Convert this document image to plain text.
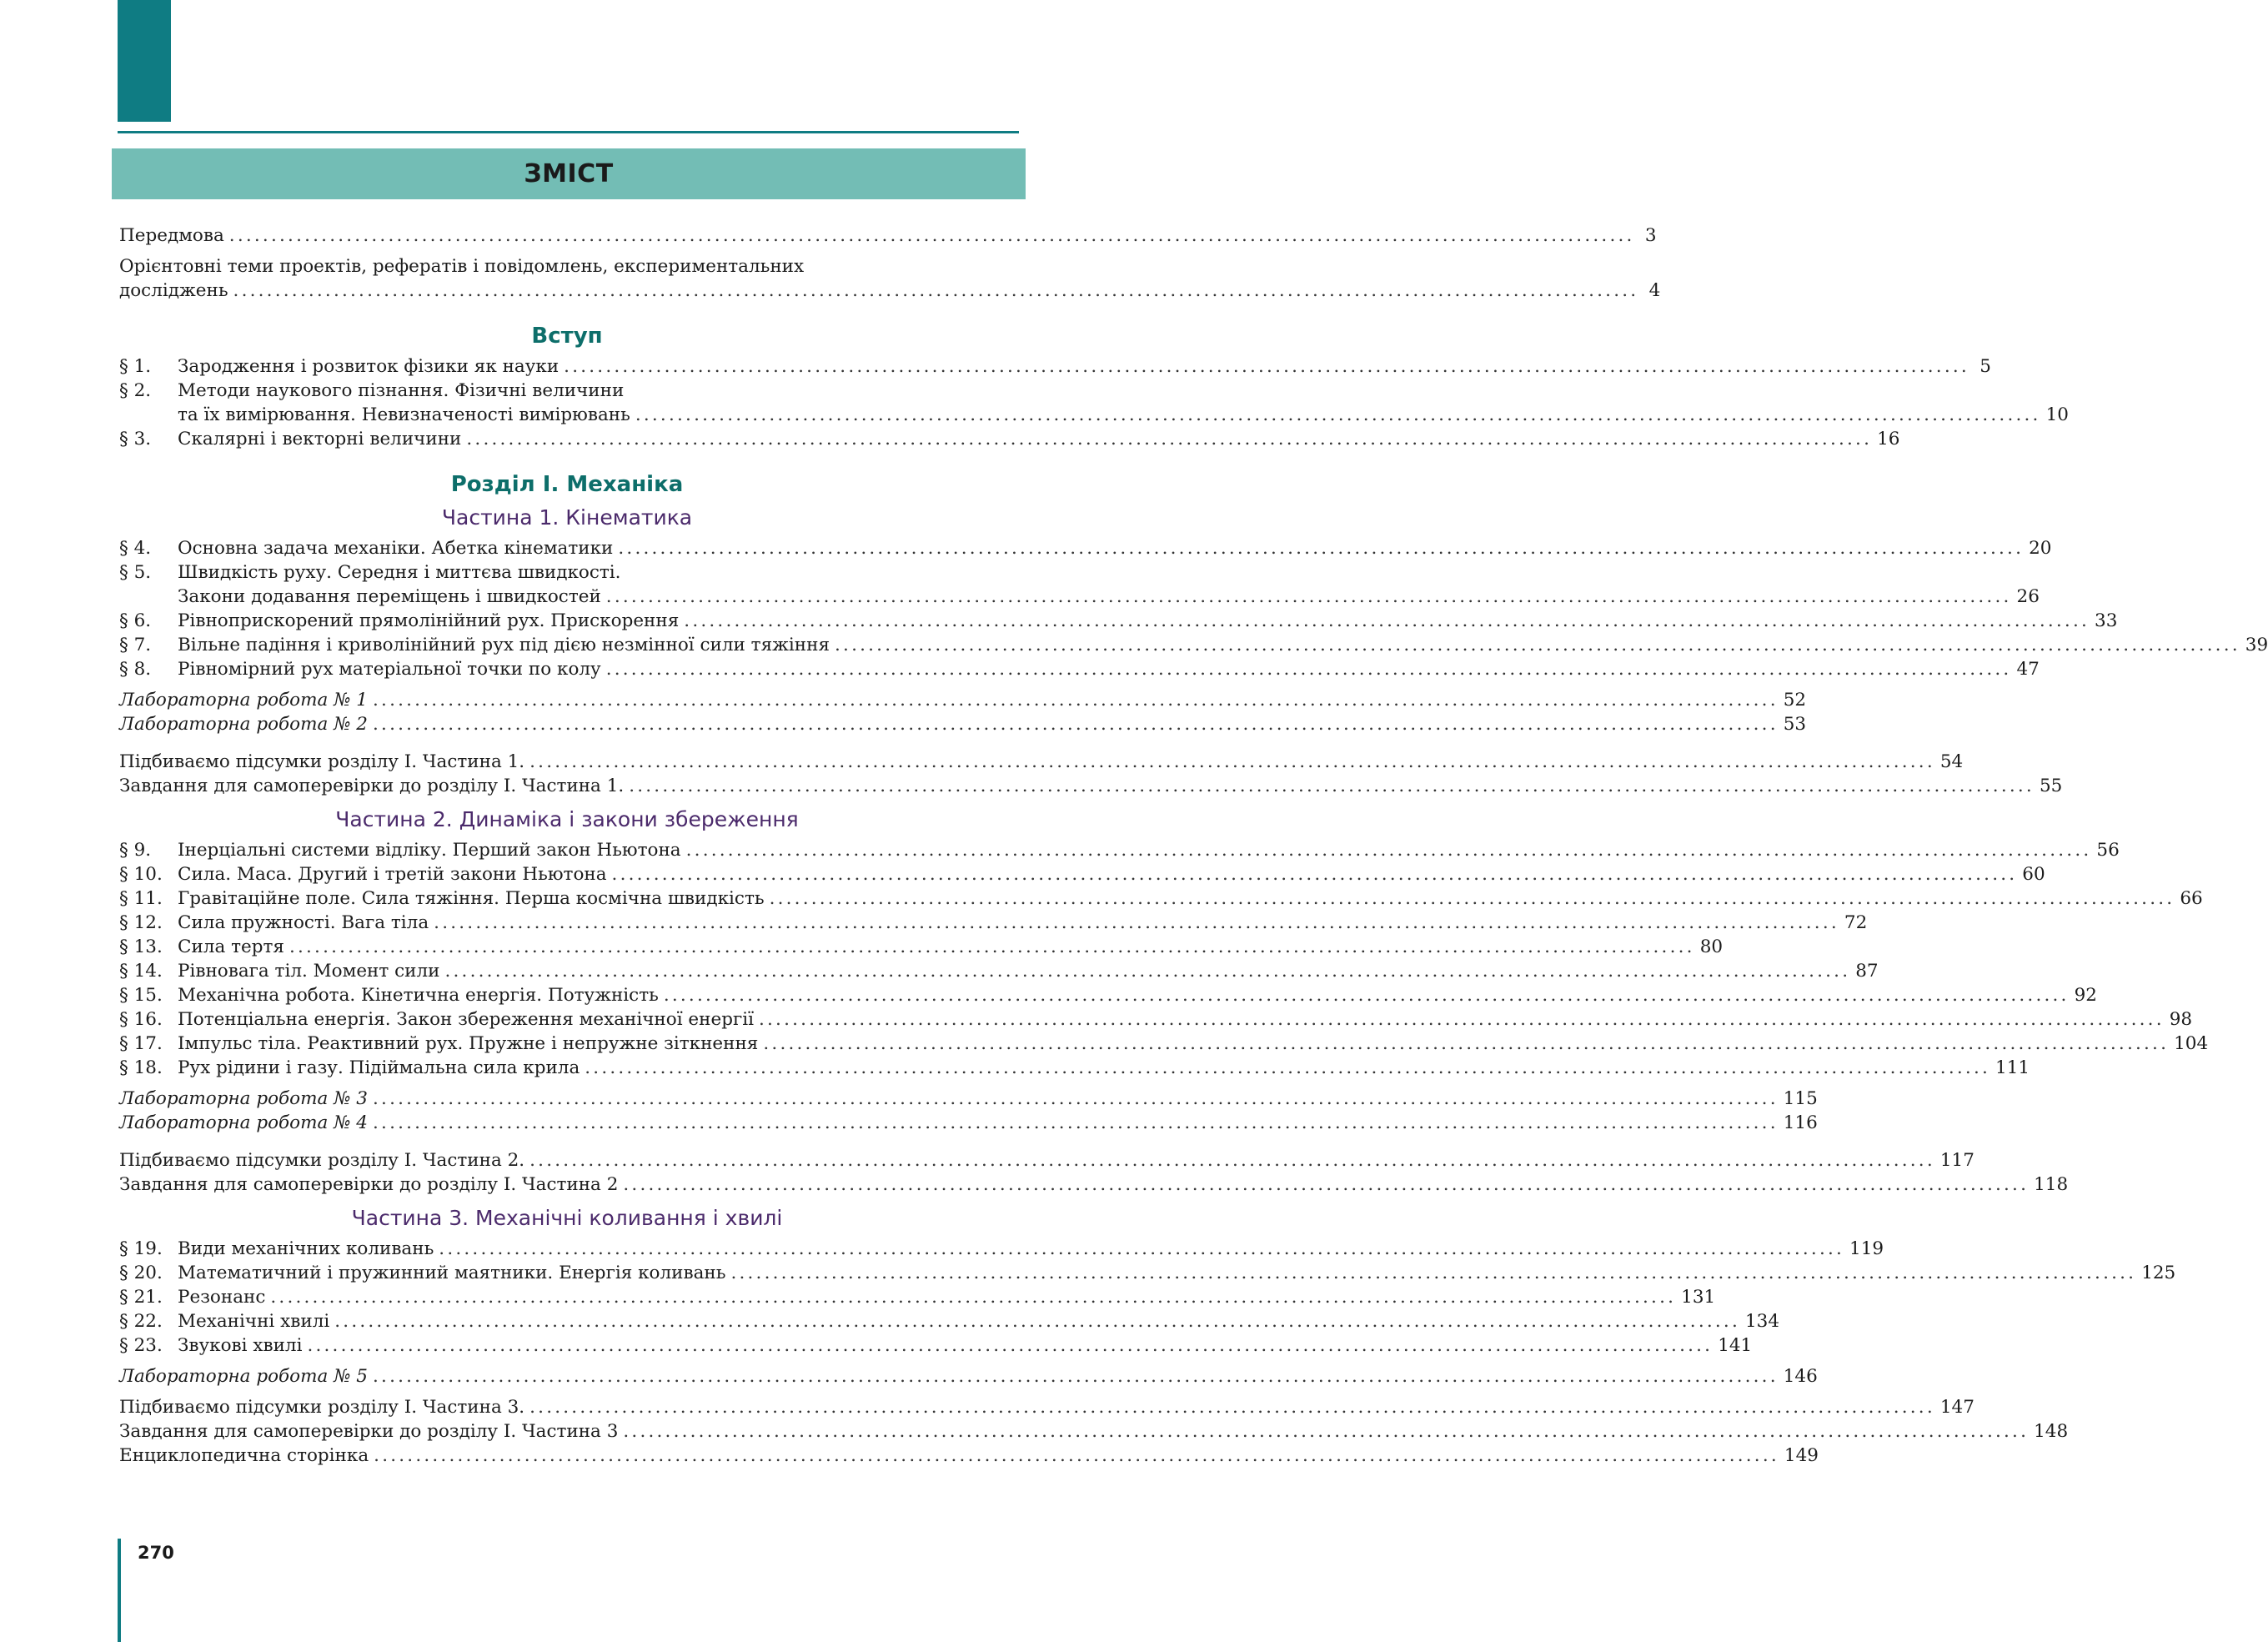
ЗМІСТ
Передмова .....	3
Орієнтовні теми проектів, рефератів і повідомлень, експериментальних
досліджень .....	4
Вступ
§ 1.	Зародження і розвиток фізики як науки .....	5
§ 2.	Методи наукового пізнання. Фізичні величини
та їх вимірювання. Невизначеності вимірювань .....	10
§ 3.	Скалярні і векторні величини .....	16
Розділ І. Механіка
Частина 1. Кінематика
§ 4.	Основна задача механіки. Абетка кінематики .....	20
§ 5.	Швидкість руху. Середня і миттєва швидкості.
Закони додавання переміщень і швидкостей .....	26
§ 6.	Рівноприскорений прямолінійний рух. Прискорення .....	33
§ 7.	Вільне падіння і криволінійний рух під дією незмінної сили тяжіння .....	39
§ 8.	Рівномірний рух матеріальної точки по колу .....	47
Лабораторна робота № 1 .....	52
Лабораторна робота № 2 .....	53
Підбиваємо підсумки розділу І. Частина 1. .....	54
Завдання для самоперевірки до розділу І. Частина 1. .....	55
Частина 2. Динаміка і закони збереження
§ 9.	Інерціальні системи відліку. Перший закон Ньютона .....	56
§ 10. Сила. Маса. Другий і третій закони Ньютона .....	60
§ 11. Гравітаційне поле. Сила тяжіння. Перша космічна швидкість .....	66
§ 12. Сила пружності. Вага тіла .....	72
§ 13. Сила тертя .....	80
§ 14. Рівновага тіл. Момент сили .....	87
§ 15. Механічна робота. Кінетична енергія. Потужність .....	92
§ 16. Потенціальна енергія. Закон збереження механічної енергії .....	98
§ 17. Імпульс тіла. Реактивний рух. Пружне і непружне зіткнення .....	104
§ 18. Рух рідини і газу. Підіймальна сила крила .....	111
Лабораторна робота № 3 .....	115
Лабораторна робота № 4 .....	116
Підбиваємо підсумки розділу І. Частина 2. .....	117
Завдання для самоперевірки до розділу І. Частина 2 .....	118
Частина 3. Механічні коливання і хвилі
§ 19. Види механічних коливань .....	119
§ 20. Математичний і пружинний маятники. Енергія коливань .....	125
§ 21. Резонанс .....	131
§ 22. Механічні хвилі .....	134
§ 23. Звукові хвилі .....	141
Лабораторна робота № 5 .....	146
Підбиваємо підсумки розділу І. Частина 3. .....	147
Завдання для самоперевірки до розділу І. Частина 3 .....	148
Енциклопедична сторінка .....	149
270
